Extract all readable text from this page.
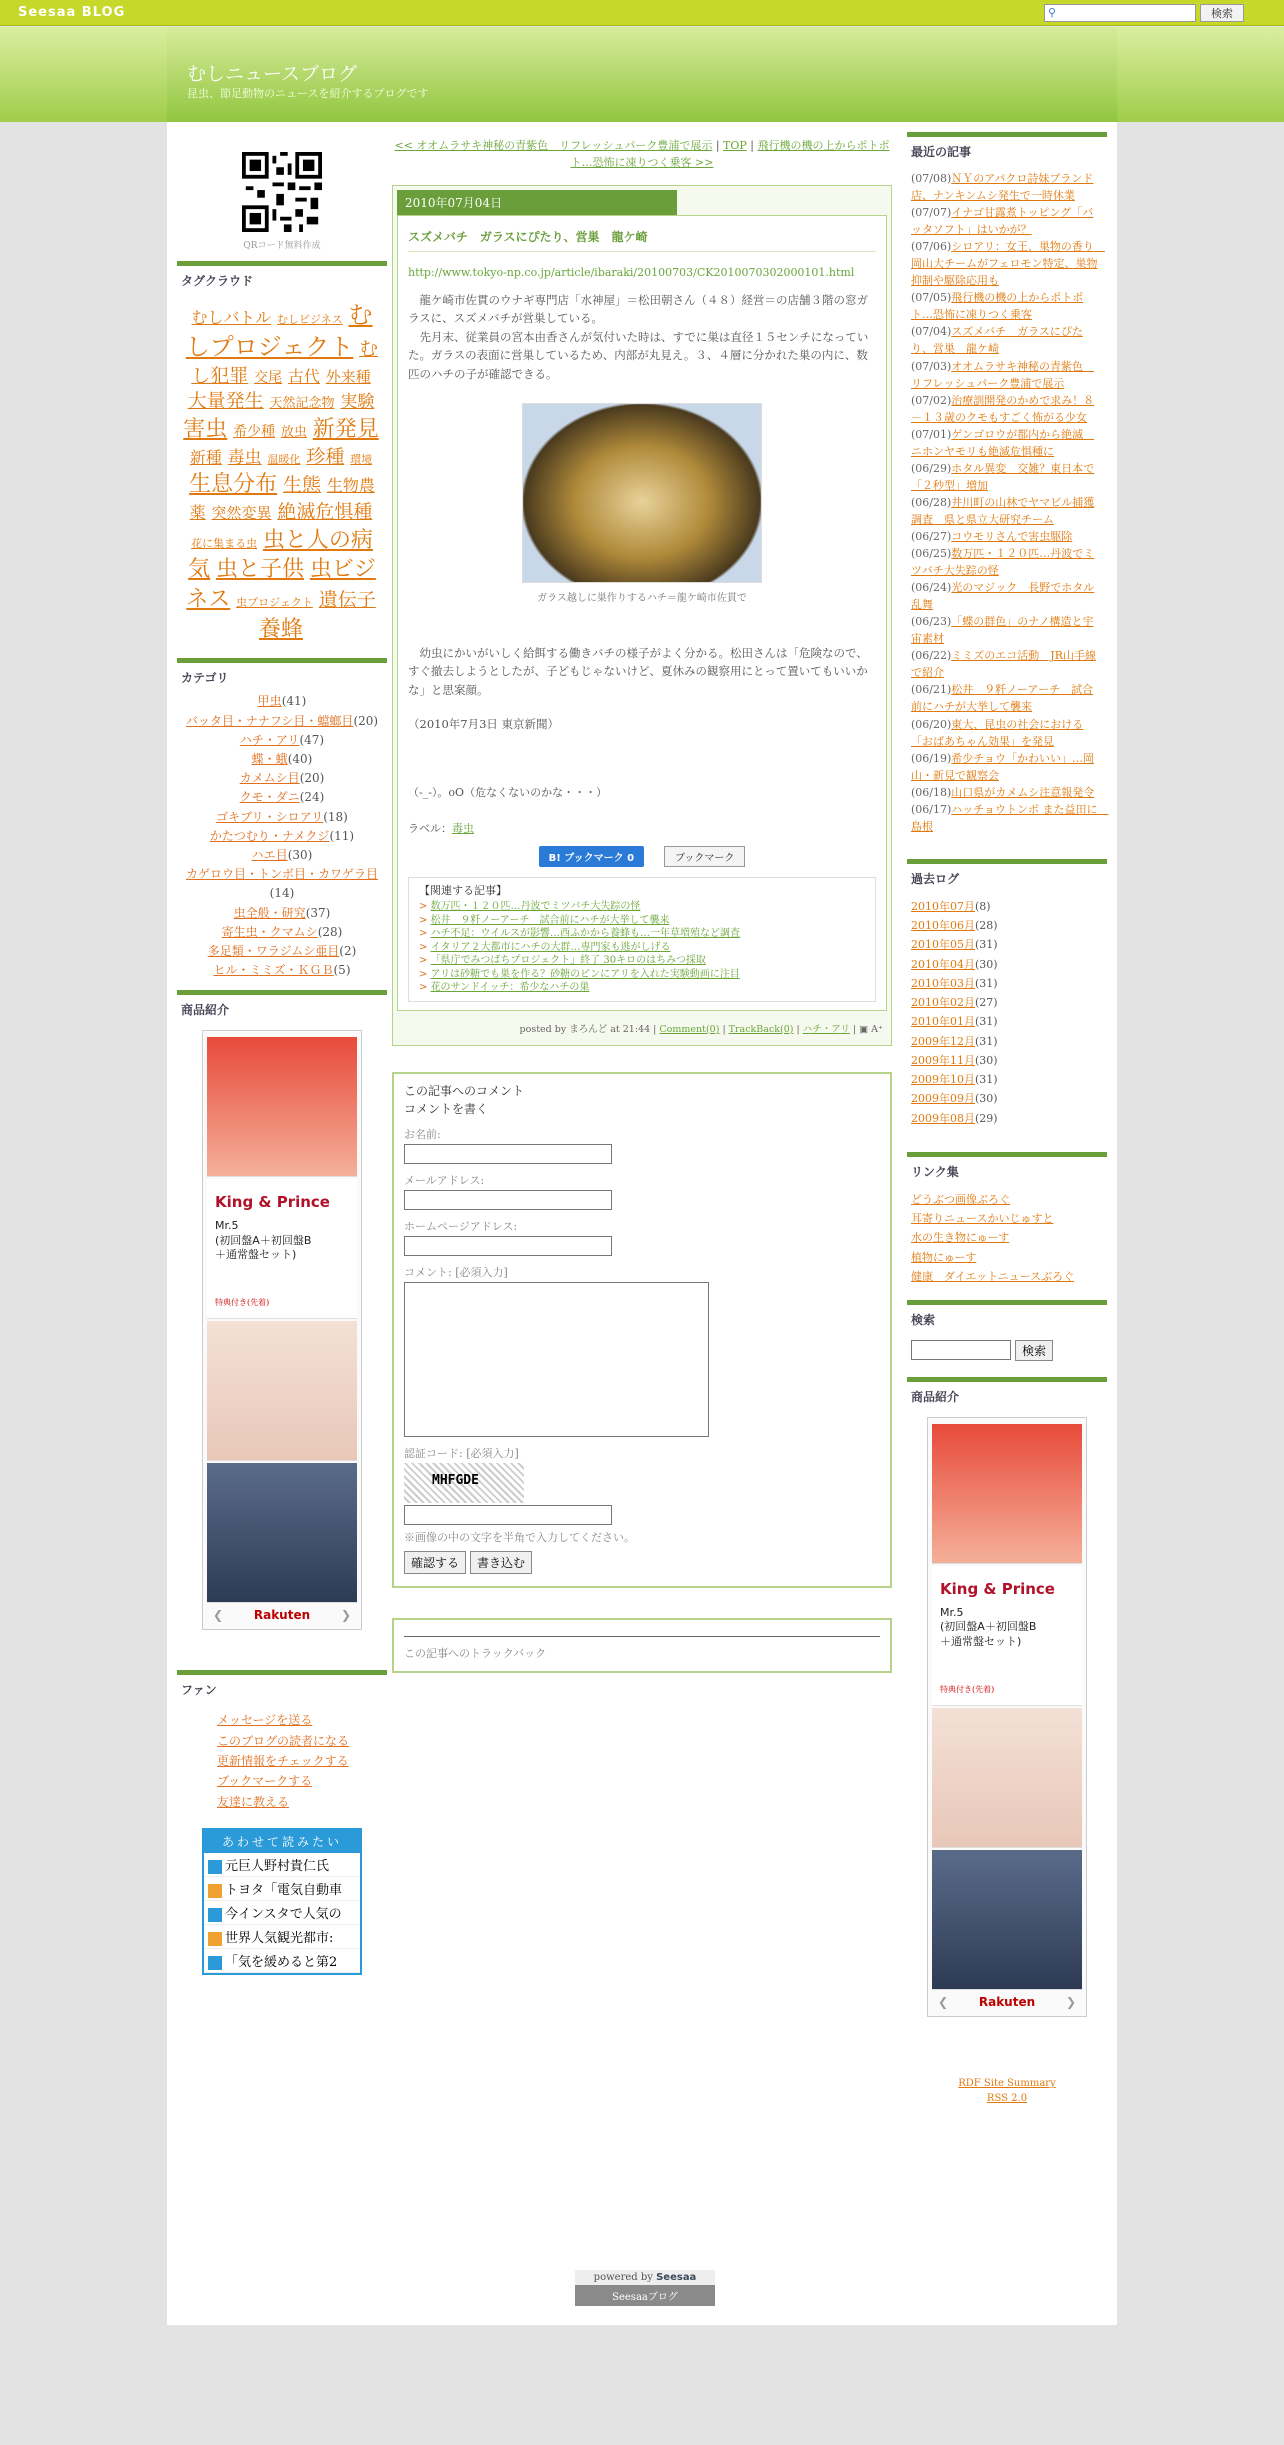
Seesaa BLOG	⚲	検索
むしニュースブログ
昆虫、節足動物のニュースを紹介するブログです
QRコード無料作成
タグクラウド
むしバトル むしビジネス むしプロジェクト むし犯罪 交尾 古代 外来種 大量発生 天然記念物 実験 害虫 希少種 放虫 新発見 新種 毒虫 温暖化 珍種 環境 生息分布 生態 生物農薬 突然変異 絶滅危惧種 花に集まる虫 虫と人の病気 虫と子供 虫ビジネス 虫プロジェクト 遺伝子 養蜂
カテゴリ
甲虫(41)
バッタ目・ナナフシ目・蟷螂目(20)
ハチ・アリ(47)
蝶・蛾(40)
カメムシ目(20)
クモ・ダニ(24)
ゴキブリ・シロアリ(18)
かたつむり・ナメクジ(11)
ハエ目(30)
カゲロウ目・トンボ目・カワゲラ目(14)
虫全般・研究(37)
寄生虫・クマムシ(28)
多足類・ワラジムシ亜目(2)
ヒル・ミミズ・ＫＧＢ(5)
商品紹介
King & Prince
Mr.5
(初回盤A＋初回盤B
＋通常盤セット)
特典付き(先着)
❮	Rakuten	❯
ファン
メッセージを送る
このブログの読者になる
更新情報をチェックする
ブックマークする
友達に教える
あわせて読みたい
元巨人野村貴仁氏
トヨタ「電気自動車
今インスタで人気の
世界人気観光都市:
「気を緩めると第2
<< オオムラサキ神秘の青紫色　リフレッシュパーク豊浦で展示 | TOP | 飛行機の機の上からポトポト…恐怖に凍りつく乗客 >>
2010年07月04日
スズメバチ　ガラスにぴたり、営巣　龍ケ崎
http://www.tokyo-np.co.jp/article/ibaraki/20100703/CK2010070302000101.html

　龍ケ崎市佐貫のウナギ専門店「水神屋」＝松田朝さん（４８）経営＝の店舗３階の窓ガラスに、スズメバチが営巣している。

　先月末、従業員の宮本由香さんが気付いた時は、すでに巣は直径１５センチになっていた。ガラスの表面に営巣しているため、内部が丸見え。３、４層に分かれた巣の内に、数匹のハチの子が確認できる。

ガラス越しに巣作りするハチ＝龍ケ崎市佐貫で

　幼虫にかいがいしく給餌する働きバチの様子がよく分かる。松田さんは「危険なので、すぐ撤去しようとしたが、子どもじゃないけど、夏休みの観察用にとって置いてもいいかな」と思案顔。

（2010年7月3日 東京新聞）

（-_-）。oO（危なくないのかな・・・）
ラベル：毒虫
B! ブックマーク 0	ブックマーク
【関連する記事】
> 数万匹・１２０匹…丹波でミツバチ大失踪の怪
> 松井　９粁ノーアーチ　試合前にハチが大挙して襲来
> ハチ不足：ウイルスが影響…西ふかから養蜂も…一年草増殖など調査
> イタリア２大都市にハチの大群…専門家も逃がしげる
> 「県庁でみつばちプロジェクト」終了 30キロのはちみつ採取
> アリは砂糖でも巣を作る？砂糖のピンにアリを入れた実験動画に注目
> 花のサンドイッチ：希少なハチの巣
posted by まろんど at 21:44 | Comment(0) | TrackBack(0) | ハチ・アリ | ▣ A⁺
この記事へのコメント
コメントを書く
お名前:
メールアドレス:
ホームページアドレス:
コメント: [必須入力]
認証コード: [必須入力]
MHFGDE
※画像の中の文字を半角で入力してください。
確認する	書き込む
この記事へのトラックバック
最近の記事
(07/08)ＮＹのアパクロ詩妹ブランド店、ナンキンムシ発生で一時休業
(07/07)イナゴ甘露煮トッピング「バッタソフト」はいかが？
(07/06)シロアリ：女王、巣物の香り　岡山大チームがフェロモン特定、巣物抑制や駆除応用も
(07/05)飛行機の機の上からポトポト…恐怖に凍りつく乗客
(07/04)スズメバチ　ガラスにぴたり、営巣　龍ケ崎
(07/03)オオムラサキ神秘の青紫色　リフレッシュパーク豊浦で展示
(07/02)治療訓開発のかめで求み！８－１３歳のクモもすごく怖がる少女
(07/01)ゲンゴロウが都内から絶滅　ニホンヤモリも絶滅危惧種に
(06/29)ホタル異変　交雑？東日本で「２秒型」増加
(06/28)井川町の山林でヤマビル捕獲調査　県と県立大研究チーム
(06/27)コウモリさんで害虫駆除
(06/25)数万匹・１２０匹…丹波でミツバチ大失踪の怪
(06/24)光のマジック　長野でホタル乱舞
(06/23)「蝶の群色」のナノ構造と宇宙素材
(06/22)ミミズのエコ活動　JR山手線で紹介
(06/21)松井　９粁ノーアーチ　試合前にハチが大挙して襲来
(06/20)東大、昆虫の社会における「おばあちゃん効果」を発見
(06/19)希少チョウ「かわいい」…岡山・新見で観察会
(06/18)山口県がカメムシ注意報発令
(06/17)ハッチョウトンボ また益田に　島根
過去ログ
2010年07月(8)
2010年06月(28)
2010年05月(31)
2010年04月(30)
2010年03月(31)
2010年02月(27)
2010年01月(31)
2009年12月(31)
2009年11月(30)
2009年10月(31)
2009年09月(30)
2009年08月(29)
リンク集
どうぶつ画像ぶろぐ
耳寄りニュースかいじゅすと
水の生き物にゅーす
植物にゅーす
健康　ダイエットニュースぶろぐ
検索
検索
商品紹介
King & Prince
Mr.5
(初回盤A＋初回盤B
＋通常盤セット)
特典付き(先着)
❮	Rakuten	❯
RDF Site Summary
RSS 2.0
powered by Seesaa
Seesaaブログ
